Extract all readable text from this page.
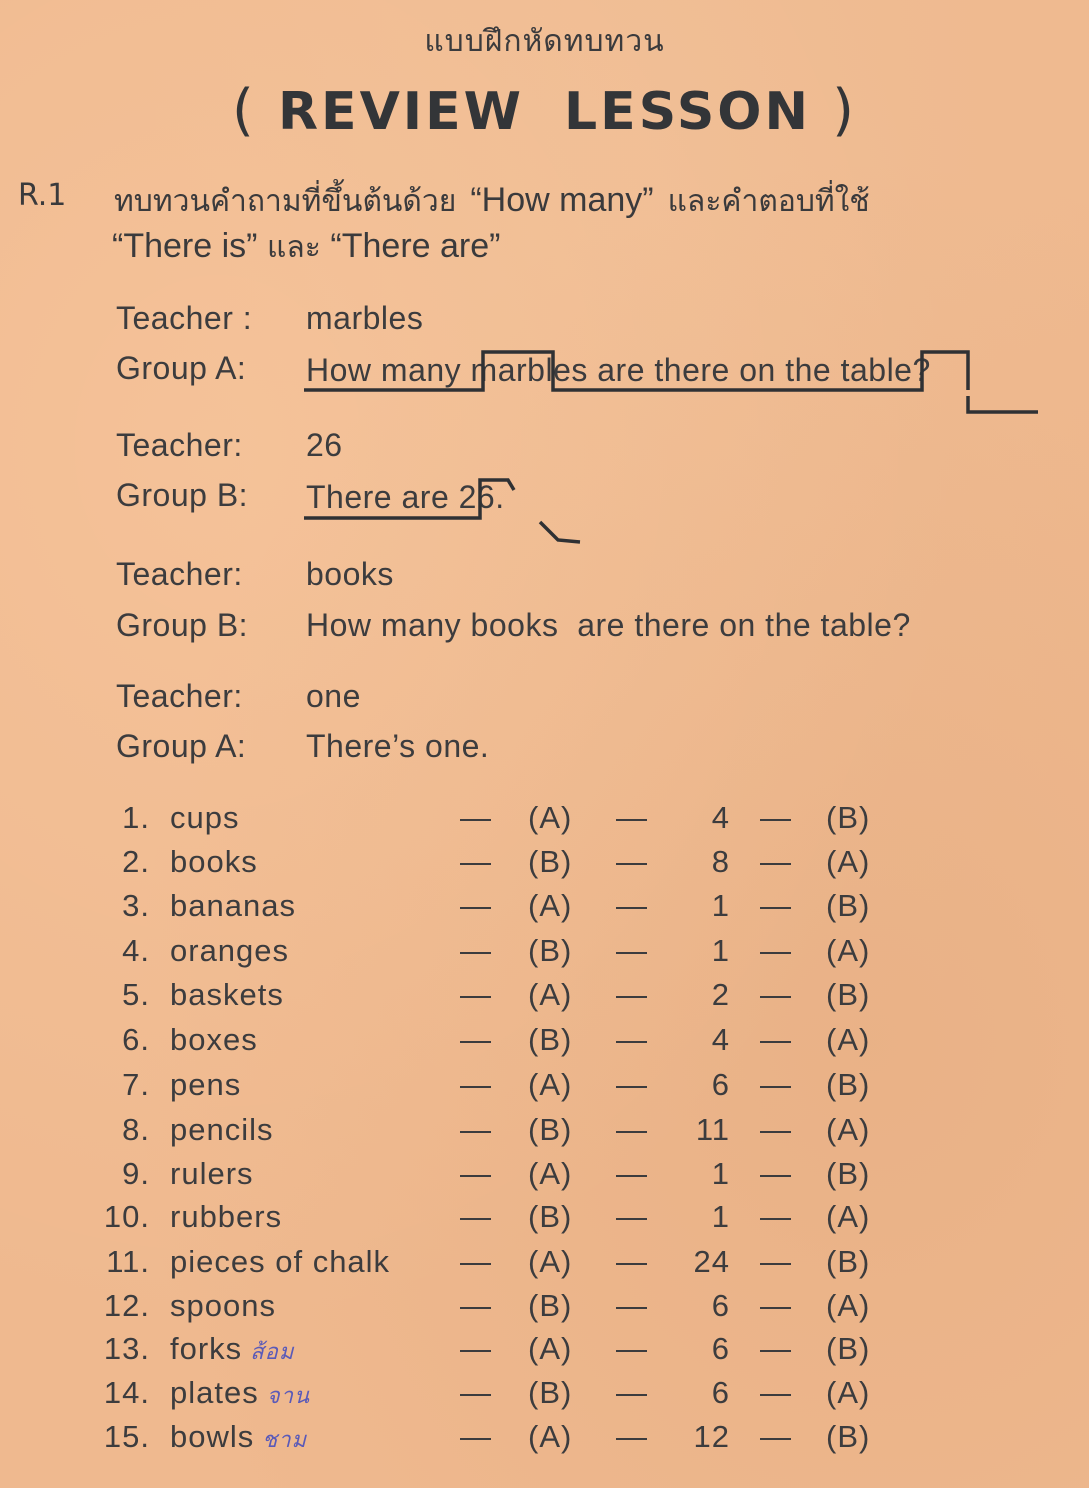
แบบฝึกหัดทบทวน
( REVIEW LESSON )
R.1 ทบทวนคำถามที่ขึ้นต้นด้วย “How many” และคำตอบที่ใช้
“There is” และ “There are”
Teacher : marbles
Group A: How many marbles are there on the table?
Teacher: 26
Group B: There are 26.
Teacher: books
Group B: How many books  are there on the table?
Teacher: one
Group A: There’s one.
1. cups	— (A) —	4 — (B)
2. books	— (B) —	8 — (A)
3. bananas	— (A) —	1 — (B)
4. oranges	— (B) —	1 — (A)
5. baskets	— (A) —	2 — (B)
6. boxes	— (B) —	4 — (A)
7. pens	— (A) —	6 — (B)
8. pencils	— (B) —	11 — (A)
9. rulers	— (A) —	1 — (B)
10. rubbers	— (B) —	1 — (A)
11. pieces of chalk — (A) —	24 — (B)
12. spoons	— (B) —	6 — (A)
13. forks ส้อม	— (A) —	6 — (B)
14. plates จาน	— (B) —	6 — (A)
15. bowls ชาม	— (A) —	12 — (B)
